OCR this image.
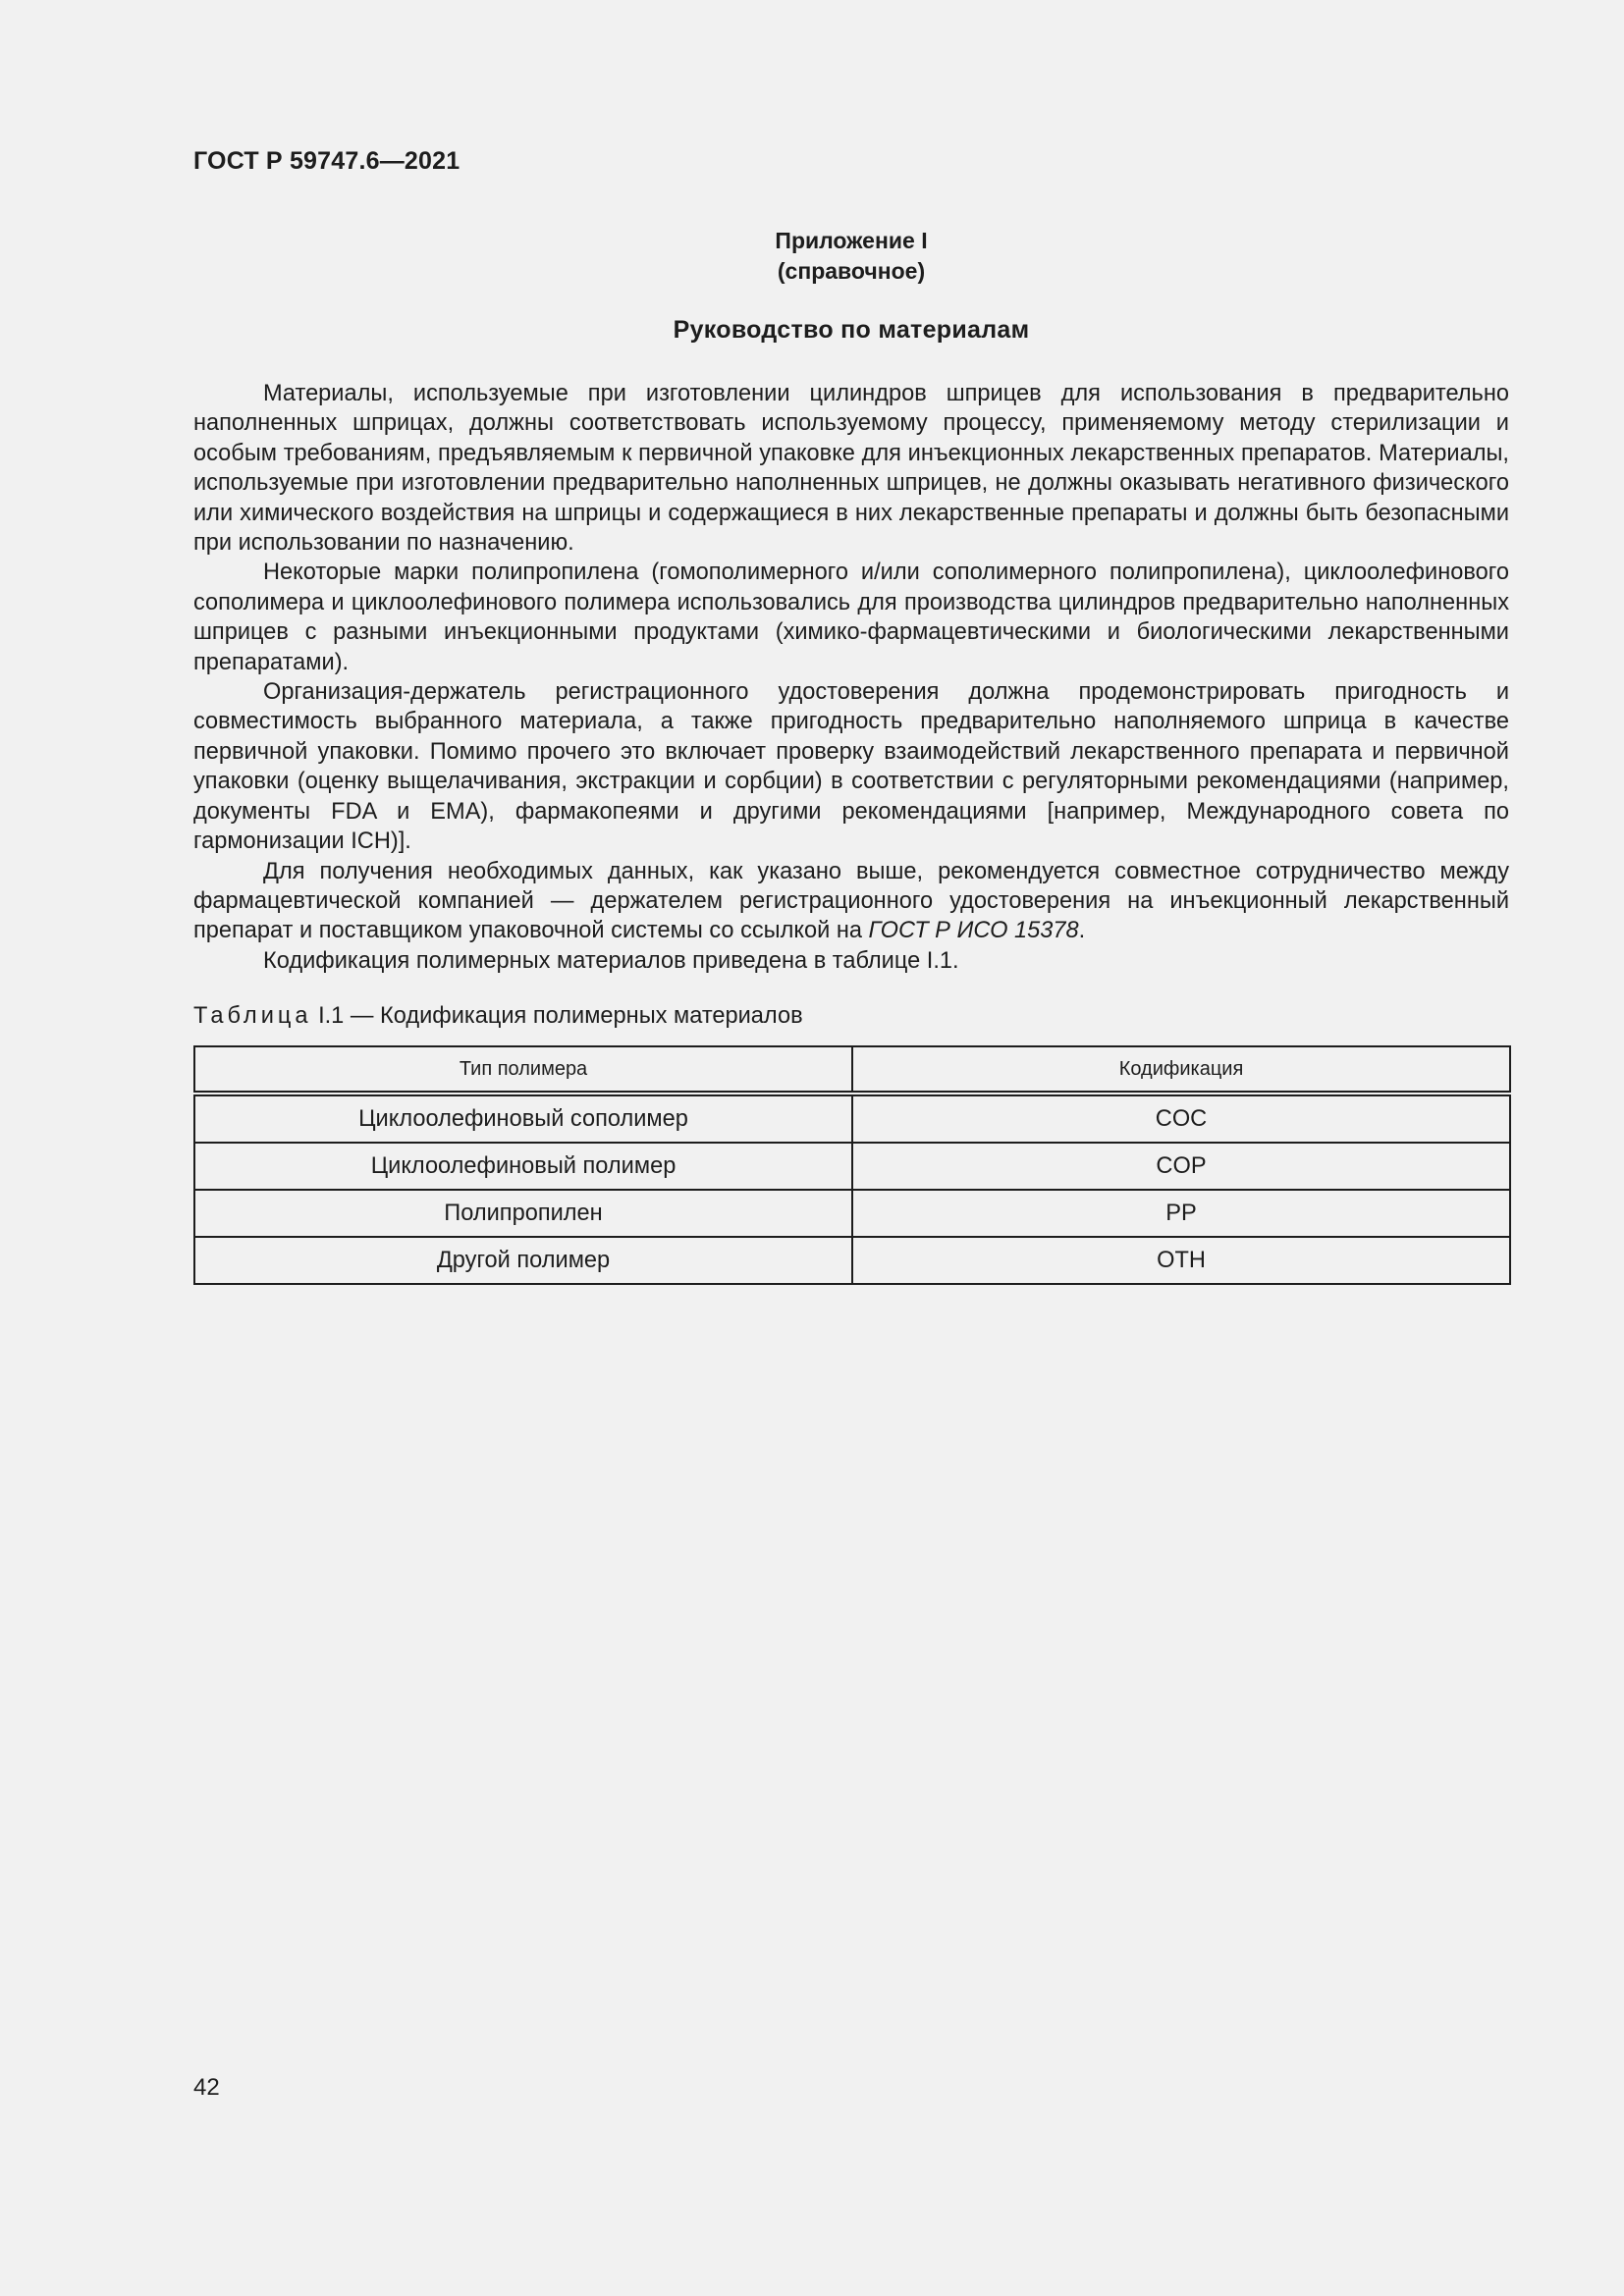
ГОСТ Р 59747.6—2021
Приложение I
(справочное)
Руководство по материалам

Материалы, используемые при изготовлении цилиндров шприцев для использования в предварительно наполненных шприцах, должны соответствовать используемому процессу, применяемому методу стерилизации и особым требованиям, предъявляемым к первичной упаковке для инъекционных лекарственных препаратов. Материалы, используемые при изготовлении предварительно наполненных шприцев, не должны оказывать негативного физического или химического воздействия на шприцы и содержащиеся в них лекарственные препараты и должны быть безопасными при использовании по назначению.

Некоторые марки полипропилена (гомополимерного и/или сополимерного полипропилена), циклоолефинового сополимера и циклоолефинового полимера использовались для производства цилиндров предварительно наполненных шприцев с разными инъекционными продуктами (химико-фармацевтическими и биологическими лекарственными препаратами).

Организация-держатель регистрационного удостоверения должна продемонстрировать пригодность и совместимость выбранного материала, а также пригодность предварительно наполняемого шприца в качестве первичной упаковки. Помимо прочего это включает проверку взаимодействий лекарственного препарата и первичной упаковки (оценку выщелачивания, экстракции и сорбции) в соответствии с регуляторными рекомендациями (например, документы FDA и EMA), фармакопеями и другими рекомендациями [например, Международного совета по гармонизации ICH)].

Для получения необходимых данных, как указано выше, рекомендуется совместное сотрудничество между фармацевтической компанией — держателем регистрационного удостоверения на инъекционный лекарственный препарат и поставщиком упаковочной системы со ссылкой на ГОСТ Р ИСО 15378.

Кодификация полимерных материалов приведена в таблице I.1.

Таблица I.1 — Кодификация полимерных материалов
Тип полимера	Кодификация
Циклоолефиновый сополимер	COC
Циклоолефиновый полимер	COP
Полипропилен	PP
Другой полимер	OTH
42
